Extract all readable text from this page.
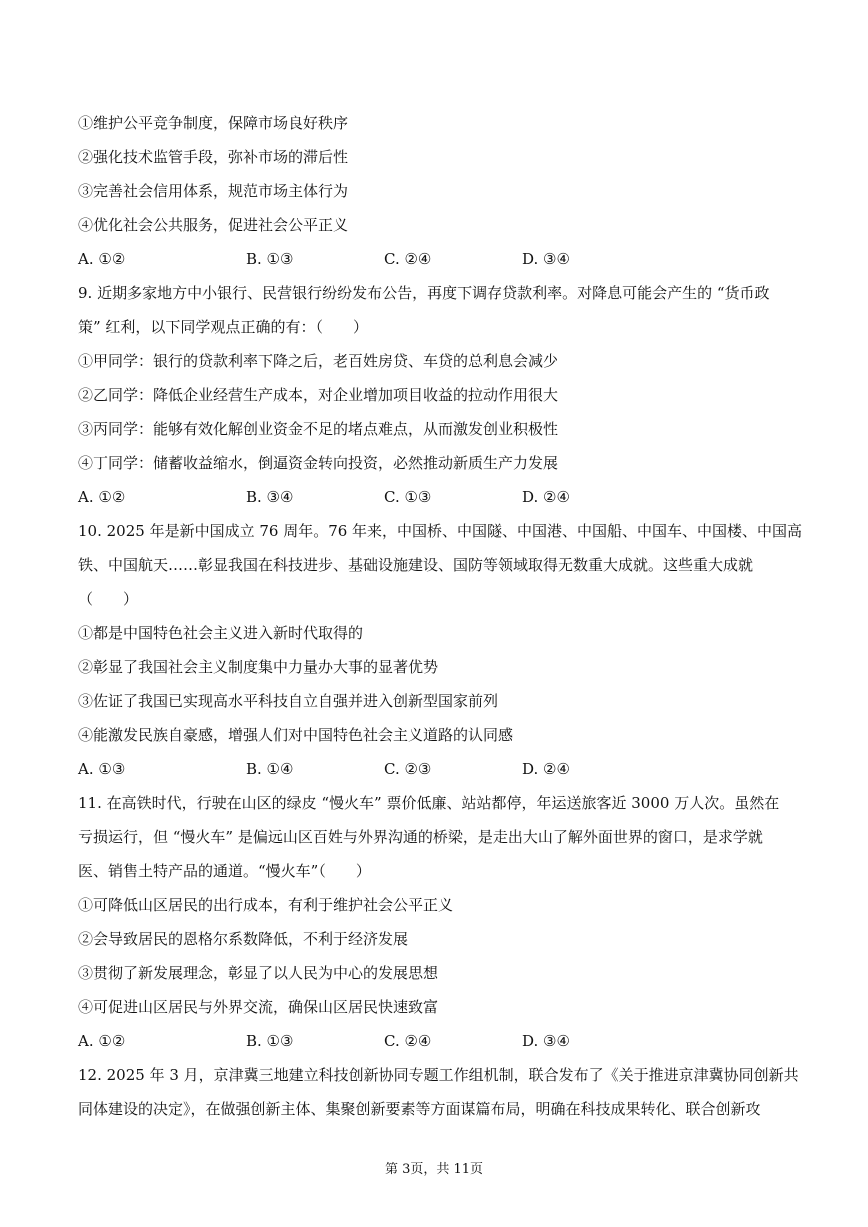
①维护公平竞争制度，保障市场良好秩序
②强化技术监管手段，弥补市场的滞后性
③完善社会信用体系，规范市场主体行为
④优化社会公共服务，促进社会公平正义
A. ①②	B. ①③	C. ②④	D. ③④
9. 近期多家地方中小银行、民营银行纷纷发布公告，再度下调存贷款利率。对降息可能会产生的 “货币政
策” 红利，以下同学观点正确的有：（　　）
①甲同学：银行的贷款利率下降之后，老百姓房贷、车贷的总利息会减少
②乙同学：降低企业经营生产成本，对企业增加项目收益的拉动作用很大
③丙同学：能够有效化解创业资金不足的堵点难点，从而激发创业积极性
④丁同学：储蓄收益缩水，倒逼资金转向投资，必然推动新质生产力发展
A. ①②	B. ③④	C. ①③	D. ②④
10. 2025 年是新中国成立 76 周年。76 年来，中国桥、中国隧、中国港、中国船、中国车、中国楼、中国高
铁、中国航天……彰显我国在科技进步、基础设施建设、国防等领域取得无数重大成就。这些重大成就
（　　）
①都是中国特色社会主义进入新时代取得的
②彰显了我国社会主义制度集中力量办大事的显著优势
③佐证了我国已实现高水平科技自立自强并进入创新型国家前列
④能激发民族自豪感，增强人们对中国特色社会主义道路的认同感
A. ①③	B. ①④	C. ②③	D. ②④
11. 在高铁时代，行驶在山区的绿皮 “慢火车” 票价低廉、站站都停，年运送旅客近 3000 万人次。虽然在
亏损运行，但 “慢火车” 是偏远山区百姓与外界沟通的桥梁，是走出大山了解外面世界的窗口，是求学就
医、销售土特产品的通道。“慢火车”（　　）
①可降低山区居民的出行成本，有利于维护社会公平正义
②会导致居民的恩格尔系数降低，不利于经济发展
③贯彻了新发展理念，彰显了以人民为中心的发展思想
④可促进山区居民与外界交流，确保山区居民快速致富
A. ①②	B. ①③	C. ②④	D. ③④
12. 2025 年 3 月，京津冀三地建立科技创新协同专题工作组机制，联合发布了《关于推进京津冀协同创新共
同体建设的决定》，在做强创新主体、集聚创新要素等方面谋篇布局，明确在科技成果转化、联合创新攻
第 3页，共 11页
